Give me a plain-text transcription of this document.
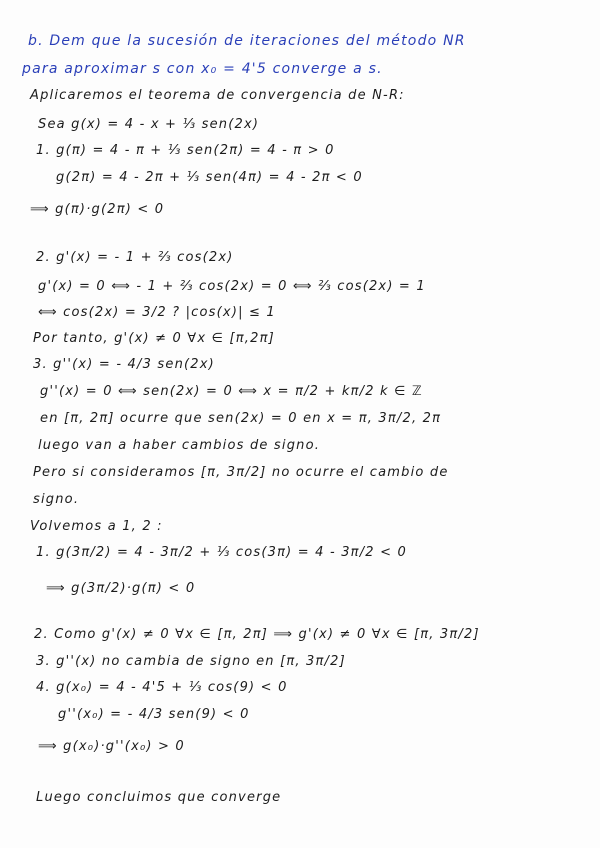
b. Dem que la sucesión de iteraciones del método NR
para aproximar s con x₀ = 4'5 converge a s.
Aplicaremos el teorema de convergencia de N-R:
Sea g(x) = 4 - x + ⅓ sen(2x)
1. g(π) = 4 - π + ⅓ sen(2π) = 4 - π > 0
g(2π) = 4 - 2π + ⅓ sen(4π) = 4 - 2π < 0
⟹ g(π)·g(2π) < 0
2. g'(x) = - 1 + ⅔ cos(2x)
g'(x) = 0 ⟺ - 1 + ⅔ cos(2x) = 0 ⟺ ⅔ cos(2x) = 1
⟺ cos(2x) = 3/2 ? |cos(x)| ≤ 1
Por tanto, g'(x) ≠ 0 ∀x ∈ [π,2π]
3. g''(x) = - 4/3 sen(2x)
g''(x) = 0 ⟺ sen(2x) = 0 ⟺ x = π/2 + kπ/2 k ∈ ℤ
en [π, 2π] ocurre que sen(2x) = 0 en x = π, 3π/2, 2π
luego van a haber cambios de signo.
Pero si consideramos [π, 3π/2] no ocurre el cambio de
signo.
Volvemos a 1, 2 :
1. g(3π/2) = 4 - 3π/2 + ⅓ cos(3π) = 4 - 3π/2 < 0
⟹ g(3π/2)·g(π) < 0
2. Como g'(x) ≠ 0 ∀x ∈ [π, 2π] ⟹ g'(x) ≠ 0 ∀x ∈ [π, 3π/2]
3. g''(x) no cambia de signo en [π, 3π/2]
4. g(x₀) = 4 - 4'5 + ⅓ cos(9) < 0
g''(x₀) = - 4/3 sen(9) < 0
⟹ g(x₀)·g''(x₀) > 0
Luego concluimos que converge
